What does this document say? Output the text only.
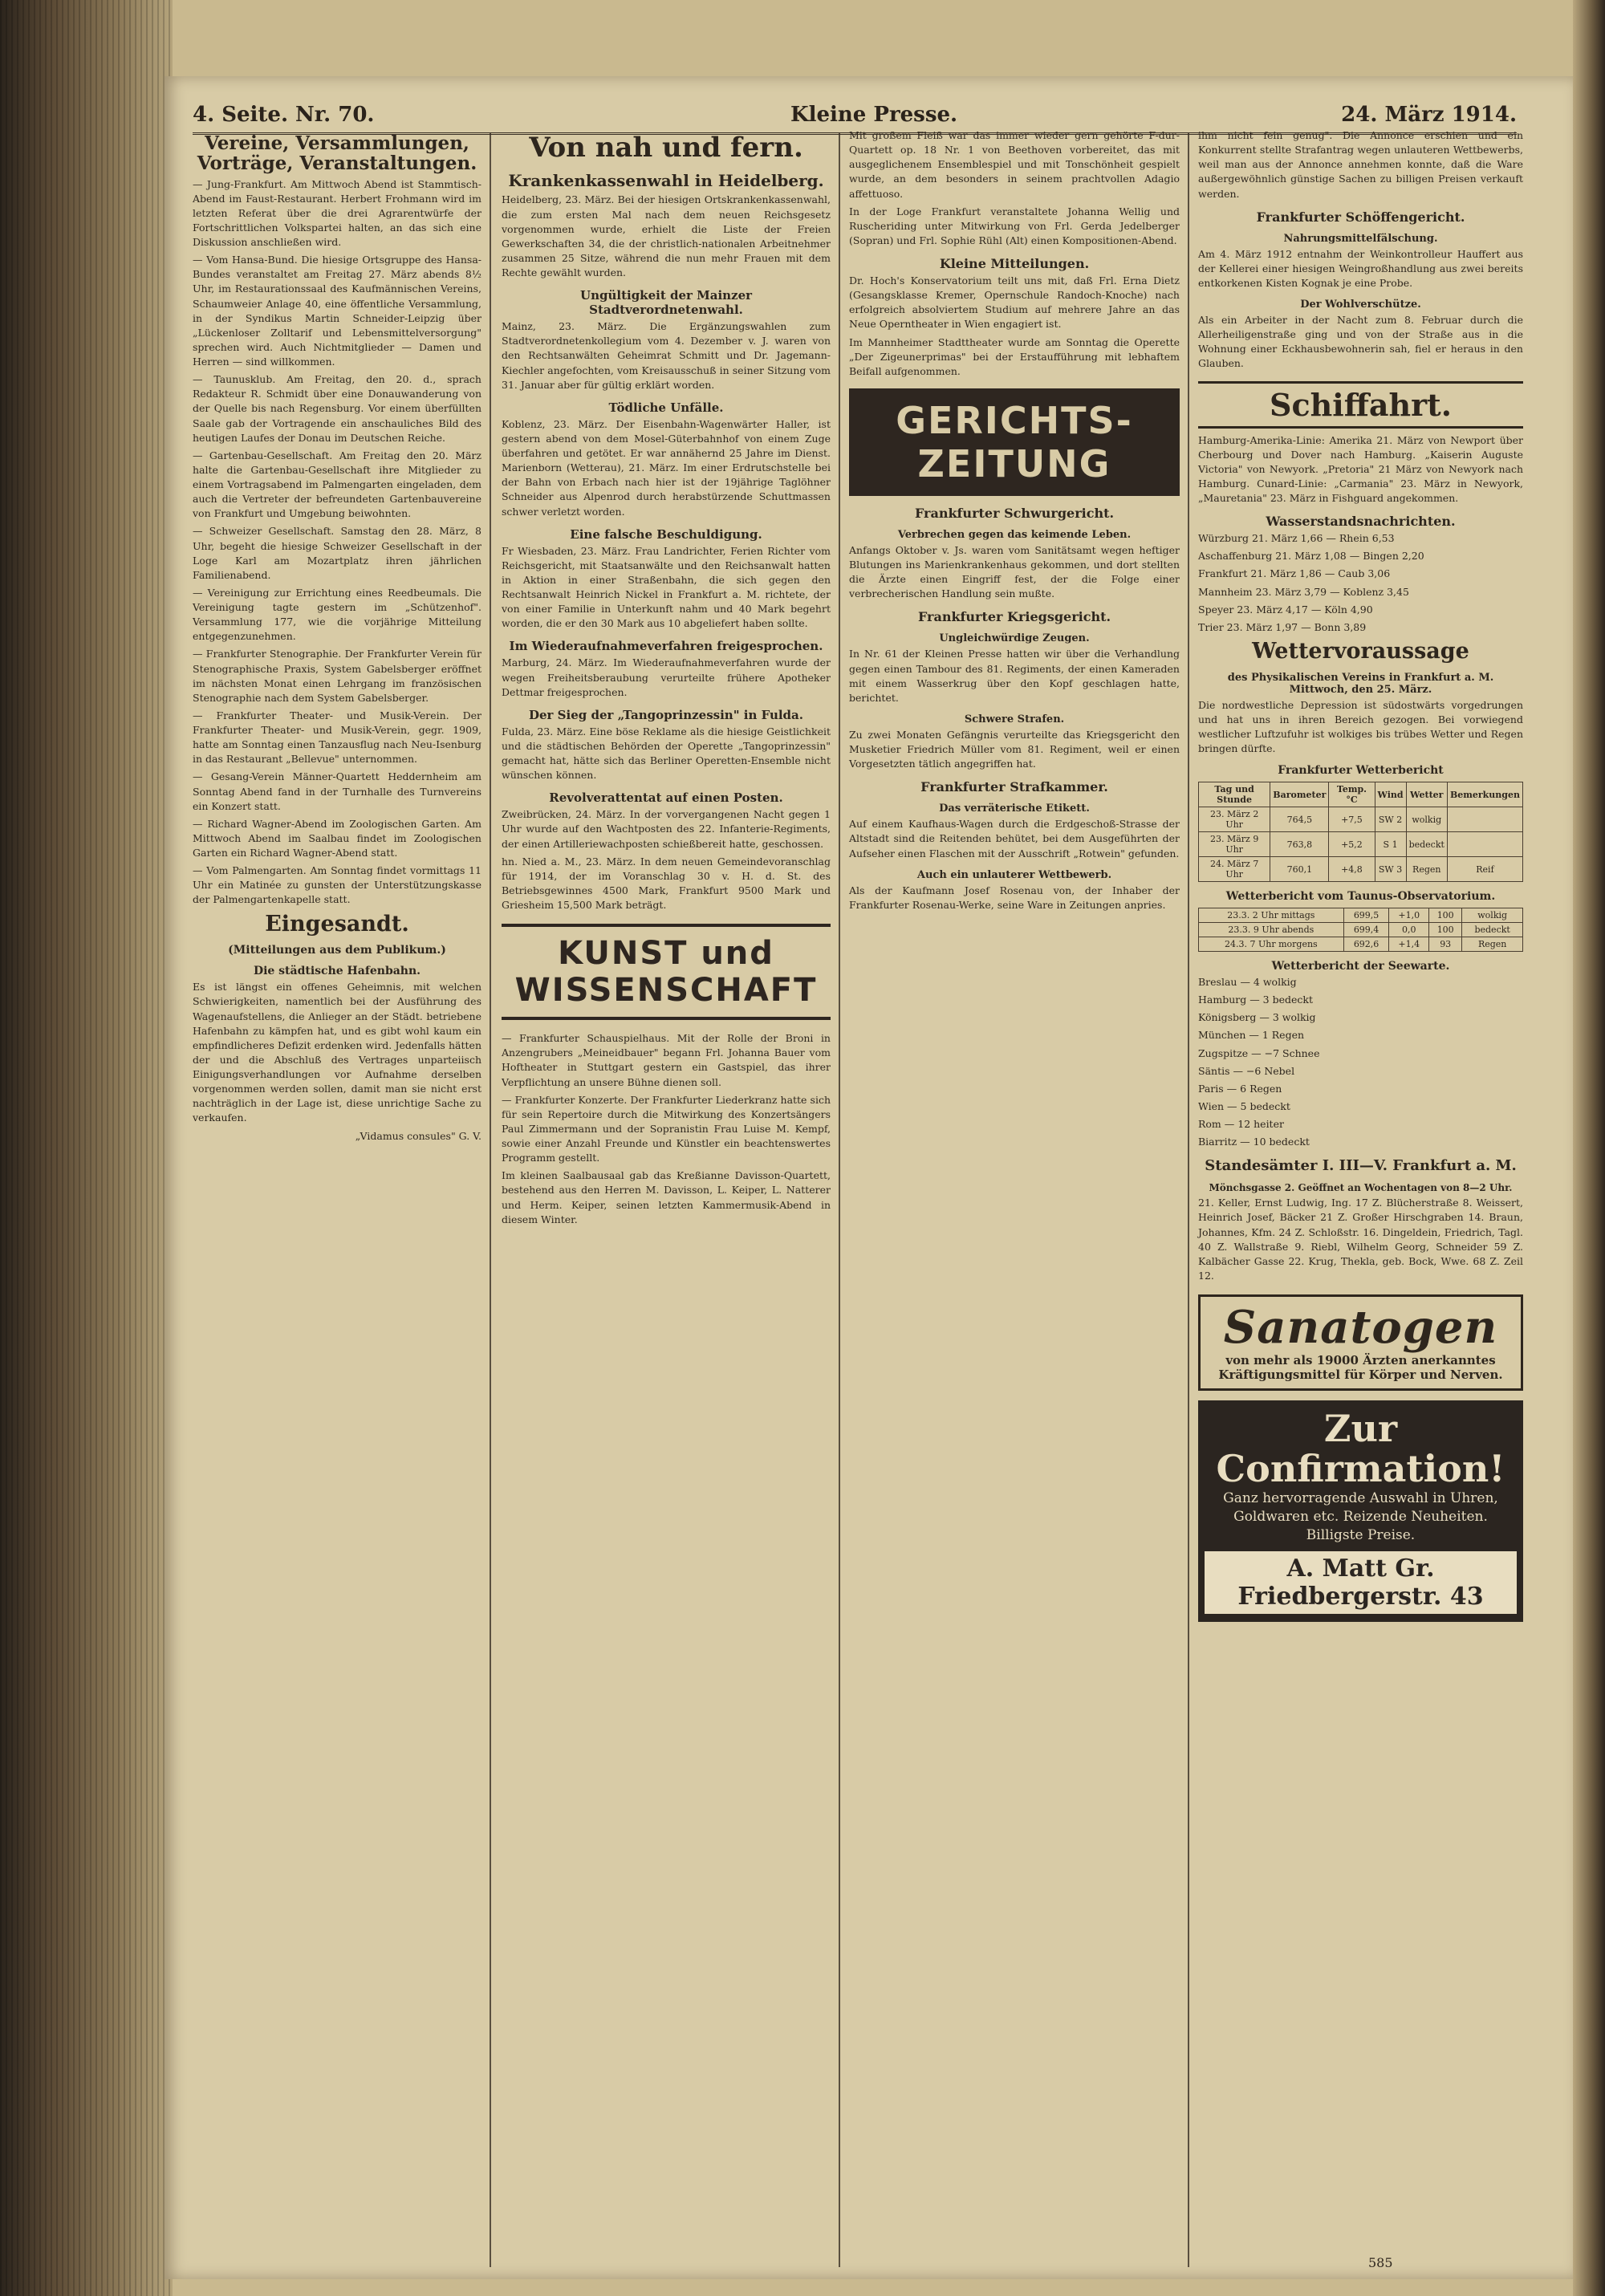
4. Seite. Nr. 70.	Kleine Presse.	24. März 1914.
Vereine, Versammlungen, Vorträge, Veranstaltungen.

— Jung-Frankfurt. Am Mittwoch Abend ist Stammtisch-Abend im Faust-Restaurant. Herbert Frohmann wird im letzten Referat über die drei Agrarentwürfe der Fortschrittlichen Volkspartei halten, an das sich eine Diskussion anschließen wird.

— Vom Hansa-Bund. Die hiesige Ortsgruppe des Hansa-Bundes veranstaltet am Freitag 27. März abends 8½ Uhr, im Restaurationssaal des Kaufmännischen Vereins, Schaumweier Anlage 40, eine öffentliche Versammlung, in der Syndikus Martin Schneider-Leipzig über „Lückenloser Zolltarif und Lebensmittelversorgung" sprechen wird. Auch Nichtmitglieder — Damen und Herren — sind willkommen.

— Taunusklub. Am Freitag, den 20. d., sprach Redakteur R. Schmidt über eine Donauwanderung von der Quelle bis nach Regensburg. Vor einem überfüllten Saale gab der Vortragende ein anschauliches Bild des heutigen Laufes der Donau im Deutschen Reiche.

— Gartenbau-Gesellschaft. Am Freitag den 20. März halte die Gartenbau-Gesellschaft ihre Mitglieder zu einem Vortragsabend im Palmengarten eingeladen, dem auch die Vertreter der befreundeten Gartenbauvereine von Frankfurt und Umgebung beiwohnten.

— Schweizer Gesellschaft. Samstag den 28. März, 8 Uhr, begeht die hiesige Schweizer Gesellschaft in der Loge Karl am Mozartplatz ihren jährlichen Familienabend.

— Vereinigung zur Errichtung eines Reedbeumals. Die Vereinigung tagte gestern im „Schützenhof". Versammlung 177, wie die vorjährige Mitteilung entgegenzunehmen.

— Frankfurter Stenographie. Der Frankfurter Verein für Stenographische Praxis, System Gabelsberger eröffnet im nächsten Monat einen Lehrgang im französischen Stenographie nach dem System Gabelsberger.

— Frankfurter Theater- und Musik-Verein. Der Frankfurter Theater- und Musik-Verein, gegr. 1909, hatte am Sonntag einen Tanzausflug nach Neu-Isenburg in das Restaurant „Bellevue" unternommen.

— Gesang-Verein Männer-Quartett Heddernheim am Sonntag Abend fand in der Turnhalle des Turnvereins ein Konzert statt.

— Richard Wagner-Abend im Zoologischen Garten. Am Mittwoch Abend im Saalbau findet im Zoologischen Garten ein Richard Wagner-Abend statt.

— Vom Palmengarten. Am Sonntag findet vormittags 11 Uhr ein Matinée zu gunsten der Unterstützungskasse der Palmengartenkapelle statt.

Eingesandt.
(Mitteilungen aus dem Publikum.)
Die städtische Hafenbahn.

Es ist längst ein offenes Geheimnis, mit welchen Schwierigkeiten, namentlich bei der Ausführung des Wagenaufstellens, die Anlieger an der Städt. betriebene Hafenbahn zu kämpfen hat, und es gibt wohl kaum ein empfindlicheres Defizit erdenken wird. Jedenfalls hätten der und die Abschluß des Vertrages unparteiisch Einigungsverhandlungen vor Aufnahme derselben vorgenommen werden sollen, damit man sie nicht erst nachträglich in der Lage ist, diese unrichtige Sache zu verkaufen.

„Vidamus consules" G. V.

Von nah und fern.
Krankenkassenwahl in Heidelberg.

Heidelberg, 23. März. Bei der hiesigen Ortskrankenkassenwahl, die zum ersten Mal nach dem neuen Reichsgesetz vorgenommen wurde, erhielt die Liste der Freien Gewerkschaften 34, die der christlich-nationalen Arbeitnehmer zusammen 25 Sitze, während die nun mehr Frauen mit dem Rechte gewählt wurden.

Ungültigkeit der Mainzer Stadtverordnetenwahl.

Mainz, 23. März. Die Ergänzungswahlen zum Stadtverordnetenkollegium vom 4. Dezember v. J. waren von den Rechtsanwälten Geheimrat Schmitt und Dr. Jagemann-Kiechler angefochten, vom Kreisausschuß in seiner Sitzung vom 31. Januar aber für gültig erklärt worden.

Tödliche Unfälle.

Koblenz, 23. März. Der Eisenbahn-Wagenwärter Haller, ist gestern abend von dem Mosel-Güterbahnhof von einem Zuge überfahren und getötet. Er war annähernd 25 Jahre im Dienst. Marienborn (Wetterau), 21. März. Im einer Erdrutschstelle bei der Bahn von Erbach nach hier ist der 19jährige Taglöhner Schneider aus Alpenrod durch herabstürzende Schuttmassen schwer verletzt worden.

Eine falsche Beschuldigung.

Fr Wiesbaden, 23. März. Frau Landrichter, Ferien Richter vom Reichsgericht, mit Staatsanwälte und den Reichsanwalt hatten in Aktion in einer Straßenbahn, die sich gegen den Rechtsanwalt Heinrich Nickel in Frankfurt a. M. richtete, der von einer Familie in Unterkunft nahm und 40 Mark begehrt worden, die er den 30 Mark aus 10 abgeliefert haben sollte.

Im Wiederaufnahmeverfahren freigesprochen.

Marburg, 24. März. Im Wiederaufnahmeverfahren wurde der wegen Freiheitsberaubung verurteilte frühere Apotheker Dettmar freigesprochen.

Der Sieg der „Tangoprinzessin" in Fulda.

Fulda, 23. März. Eine böse Reklame als die hiesige Geistlichkeit und die städtischen Behörden der Operette „Tangoprinzessin" gemacht hat, hätte sich das Berliner Operetten-Ensemble nicht wünschen können.

Revolverattentat auf einen Posten.

Zweibrücken, 24. März. In der vorvergangenen Nacht gegen 1 Uhr wurde auf den Wachtposten des 22. Infanterie-Regiments, der einen Artilleriewachposten schießbereit hatte, geschossen.

hn. Nied a. M., 23. März. In dem neuen Gemeindevoranschlag für 1914, der im Voranschlag 30 v. H. d. St. des Betriebsgewinnes 4500 Mark, Frankfurt 9500 Mark und Griesheim 15,500 Mark beträgt.

KUNST und WISSENSCHAFT

— Frankfurter Schauspielhaus. Mit der Rolle der Broni in Anzengrubers „Meineidbauer" begann Frl. Johanna Bauer vom Hoftheater in Stuttgart gestern ein Gastspiel, das ihrer Verpflichtung an unsere Bühne dienen soll.

— Frankfurter Konzerte. Der Frankfurter Liederkranz hatte sich für sein Repertoire durch die Mitwirkung des Konzertsängers Paul Zimmermann und der Sopranistin Frau Luise M. Kempf, sowie einer Anzahl Freunde und Künstler ein beachtenswertes Programm gestellt.

Im kleinen Saalbausaal gab das Kreßianne Davisson-Quartett, bestehend aus den Herren M. Davisson, L. Keiper, L. Natterer und Herm. Keiper, seinen letzten Kammermusik-Abend in diesem Winter.

Mit großem Fleiß war das immer wieder gern gehörte F-dur-Quartett op. 18 Nr. 1 von Beethoven vorbereitet, das mit ausgeglichenem Ensemblespiel und mit Tonschönheit gespielt wurde, an dem besonders in seinem prachtvollen Adagio affettuoso.

In der Loge Frankfurt veranstaltete Johanna Wellig und Ruscheriding unter Mitwirkung von Frl. Gerda Jedelberger (Sopran) und Frl. Sophie Rühl (Alt) einen Kompositionen-Abend.

Kleine Mitteilungen.

Dr. Hoch's Konservatorium teilt uns mit, daß Frl. Erna Dietz (Gesangsklasse Kremer, Opernschule Randoch-Knoche) nach erfolgreich absolviertem Studium auf mehrere Jahre an das Neue Operntheater in Wien engagiert ist.

Im Mannheimer Stadttheater wurde am Sonntag die Operette „Der Zigeunerprimas" bei der Erstaufführung mit lebhaftem Beifall aufgenommen.

GERICHTS-ZEITUNG
Frankfurter Schwurgericht.
Verbrechen gegen das keimende Leben.

Anfangs Oktober v. Js. waren vom Sanitätsamt wegen heftiger Blutungen ins Marienkrankenhaus gekommen, und dort stellten die Ärzte einen Eingriff fest, der die Folge einer verbrecherischen Handlung sein mußte.

Frankfurter Kriegsgericht.
Ungleichwürdige Zeugen.

In Nr. 61 der Kleinen Presse hatten wir über die Verhandlung gegen einen Tambour des 81. Regiments, der einen Kameraden mit einem Wasserkrug über den Kopf geschlagen hatte, berichtet.

Schwere Strafen.

Zu zwei Monaten Gefängnis verurteilte das Kriegsgericht den Musketier Friedrich Müller vom 81. Regiment, weil er einen Vorgesetzten tätlich angegriffen hat.

Frankfurter Strafkammer.
Das verräterische Etikett.

Auf einem Kaufhaus-Wagen durch die Erdgeschoß-Strasse der Altstadt sind die Reitenden behütet, bei dem Ausgeführten der Aufseher einen Flaschen mit der Ausschrift „Rotwein" gefunden.

Auch ein unlauterer Wettbewerb.

Als der Kaufmann Josef Rosenau von, der Inhaber der Frankfurter Rosenau-Werke, seine Ware in Zeitungen anpries.

ihm nicht fein genug". Die Annonce erschien und ein Konkurrent stellte Strafantrag wegen unlauteren Wettbewerbs, weil man aus der Annonce annehmen konnte, daß die Ware außergewöhnlich günstige Sachen zu billigen Preisen verkauft werden.

Frankfurter Schöffengericht.
Nahrungsmittelfälschung.

Am 4. März 1912 entnahm der Weinkontrolleur Hauffert aus der Kellerei einer hiesigen Weingroßhandlung aus zwei bereits entkorkenen Kisten Kognak je eine Probe.

Der Wohlverschütze.

Als ein Arbeiter in der Nacht zum 8. Februar durch die Allerheiligenstraße ging und von der Straße aus in die Wohnung einer Eckhausbewohnerin sah, fiel er heraus in den Glauben.

Schiffahrt.

Hamburg-Amerika-Linie: Amerika 21. März von Newport über Cherbourg und Dover nach Hamburg. „Kaiserin Auguste Victoria" von Newyork. „Pretoria" 21 März von Newyork nach Hamburg. Cunard-Linie: „Carmania" 23. März in Newyork, „Mauretania" 23. März in Fishguard angekommen.

Wasserstandsnachrichten.

Würzburg 21. März 1,66 — Rhein 6,53

Aschaffenburg 21. März 1,08 — Bingen 2,20

Frankfurt 21. März 1,86 — Caub 3,06

Mannheim 23. März 3,79 — Koblenz 3,45

Speyer 23. März 4,17 — Köln 4,90

Trier 23. März 1,97 — Bonn 3,89

Wettervoraussage
des Physikalischen Vereins in Frankfurt a. M. Mittwoch, den 25. März.

Die nordwestliche Depression ist südostwärts vorgedrungen und hat uns in ihren Bereich gezogen. Bei vorwiegend westlicher Luftzufuhr ist wolkiges bis trübes Wetter und Regen bringen dürfte.

Frankfurter Wetterbericht
Tag und Stunde	Barometer	Temp. °C	Wind	Wetter	Bemerkungen
23. März 2 Uhr	764,5	+7,5	SW 2	wolkig	
23. März 9 Uhr	763,8	+5,2	S 1	bedeckt	
24. März 7 Uhr	760,1	+4,8	SW 3	Regen	Reif
Wetterbericht vom Taunus-Observatorium.
23.3. 2 Uhr mittags	699,5	+1,0	100	wolkig
23.3. 9 Uhr abends	699,4	0,0	100	bedeckt
24.3. 7 Uhr morgens	692,6	+1,4	93	Regen
Wetterbericht der Seewarte.

Breslau — 4 wolkig

Hamburg — 3 bedeckt

Königsberg — 3 wolkig

München — 1 Regen

Zugspitze — −7 Schnee

Säntis — −6 Nebel

Paris — 6 Regen

Wien — 5 bedeckt

Rom — 12 heiter

Biarritz — 10 bedeckt

Standesämter I. III—V. Frankfurt a. M.
Mönchsgasse 2. Geöffnet an Wochentagen von 8—2 Uhr.

21. Keller, Ernst Ludwig, Ing. 17 Z. Blücherstraße 8. Weissert, Heinrich Josef, Bäcker 21 Z. Großer Hirschgraben 14. Braun, Johannes, Kfm. 24 Z. Schloßstr. 16. Dingeldein, Friedrich, Tagl. 40 Z. Wallstraße 9. Riebl, Wilhelm Georg, Schneider 59 Z. Kalbächer Gasse 22. Krug, Thekla, geb. Bock, Wwe. 68 Z. Zeil 12.

Sanatogen
von mehr als 19000 Ärzten anerkanntes Kräftigungsmittel für Körper und Nerven.
Zur Confirmation!
Ganz hervorragende Auswahl in Uhren, Goldwaren etc. Reizende Neuheiten. Billigste Preise.
A. Matt Gr. Friedbergerstr. 43
585
